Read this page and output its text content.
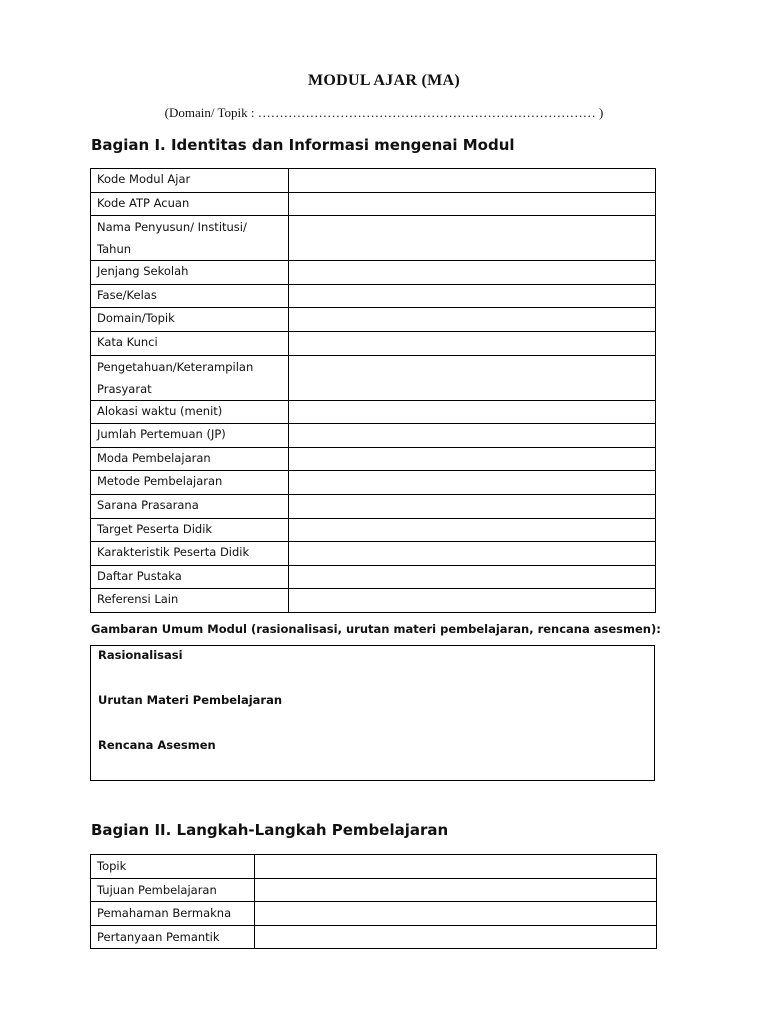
MODUL AJAR (MA)
(Domain/ Topik : …………………………………………………………………… )
Bagian I. Identitas dan Informasi mengenai Modul
Kode Modul Ajar	
Kode ATP Acuan	
Nama Penyusun/ Institusi/ Tahun	
Jenjang Sekolah	
Fase/Kelas	
Domain/Topik	
Kata Kunci	
Pengetahuan/Keterampilan Prasyarat	
Alokasi waktu (menit)	
Jumlah Pertemuan (JP)	
Moda Pembelajaran	
Metode Pembelajaran	
Sarana Prasarana	
Target Peserta Didik	
Karakteristik Peserta Didik	
Daftar Pustaka	
Referensi Lain	
Gambaran Umum Modul (rasionalisasi, urutan materi pembelajaran, rencana asesmen):
Rasionalisasi
Urutan Materi Pembelajaran
Rencana Asesmen
Bagian II. Langkah-Langkah Pembelajaran
Topik	
Tujuan Pembelajaran	
Pemahaman Bermakna	
Pertanyaan Pemantik	
